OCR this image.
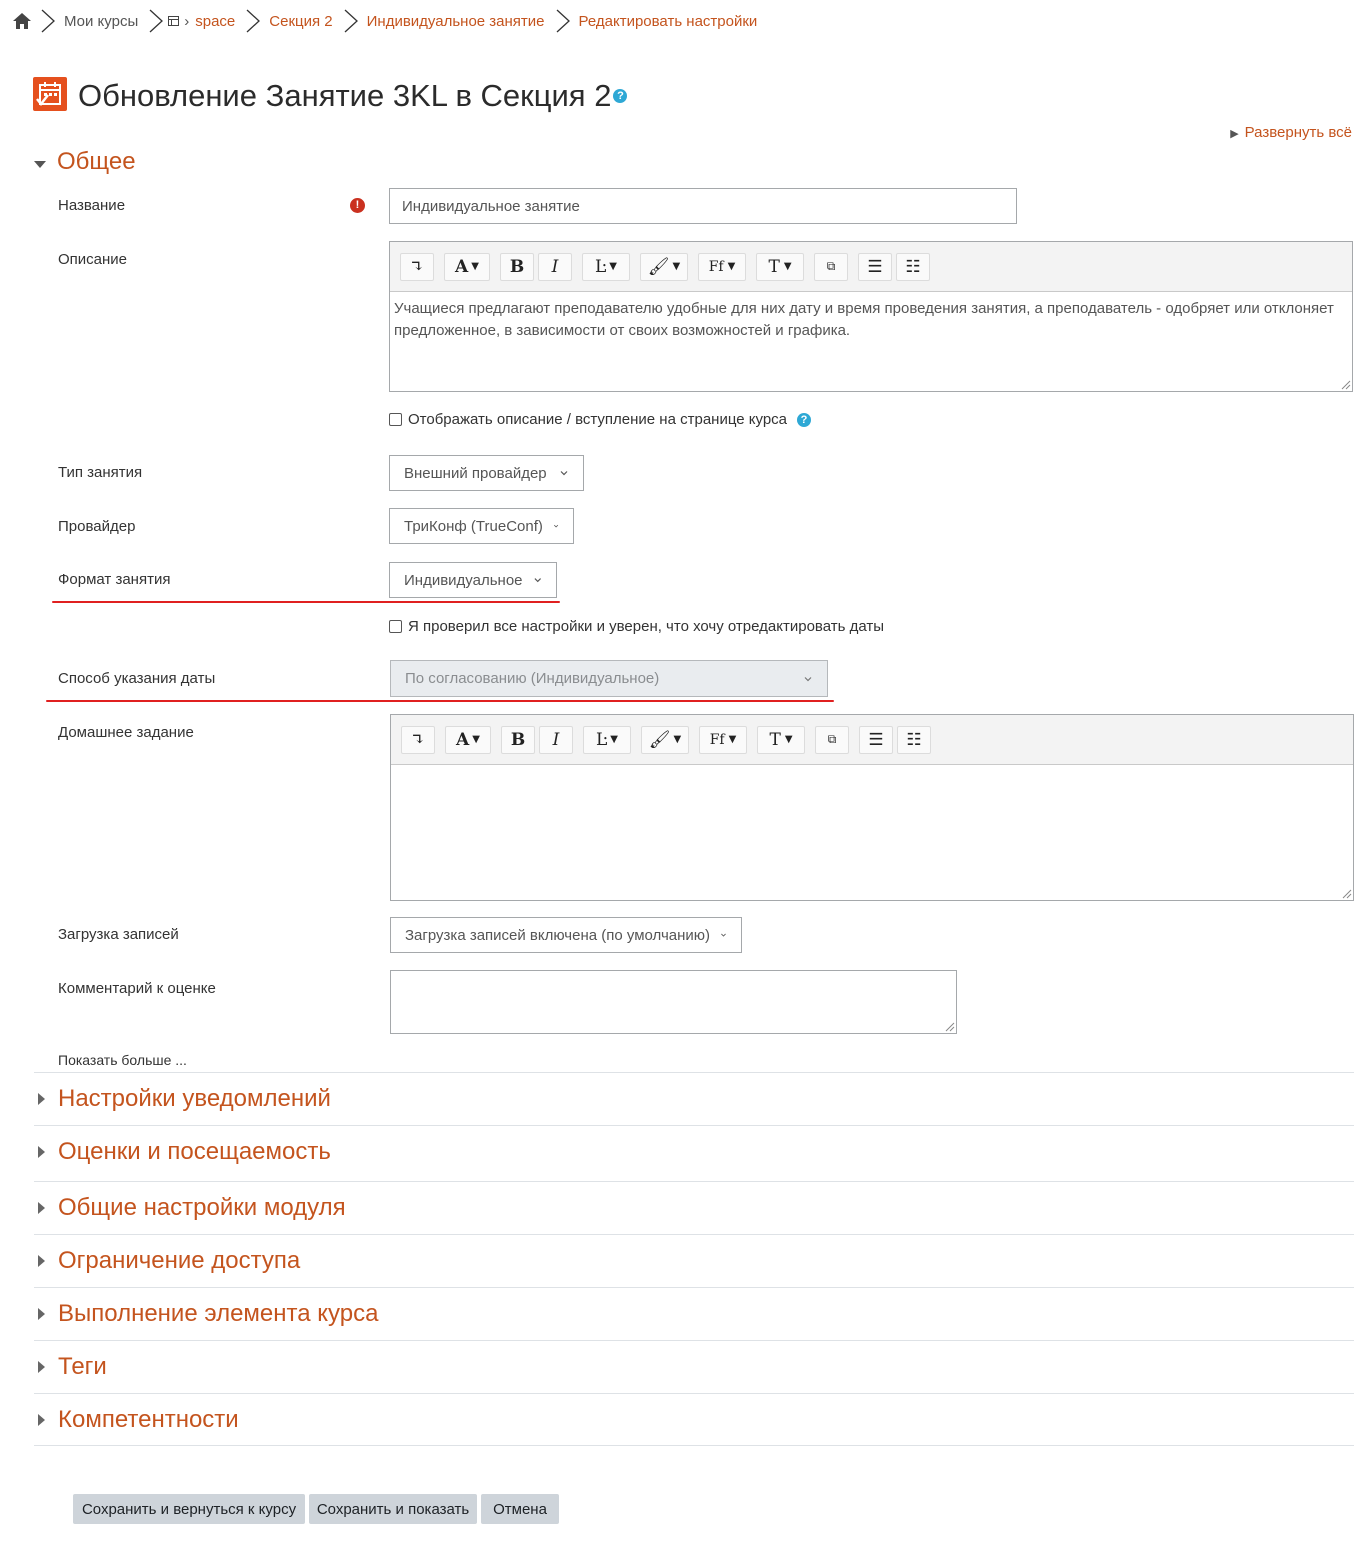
Мои курсы	› space Секция 2 Индивидуальное занятие Редактировать настройки
Обновление Занятие 3KL в Секция 2 ?
▶ Развернуть всё
Общее
Название	!	Индивидуальное занятие
Описание	↴ A ▼	B	I	Ŀ ▼ 🖌 ▼ Ff ▼ T ▼	⧉ ☰ ☷
Учащиеся предлагают преподавателю удобные для них дату и время проведения занятия, а преподаватель - одобряет или отклоняет предложенное, в зависимости от своих возможностей и графика.
Отображать описание / вступление на странице курса	?
Тип занятия	Внешний провайдер
Провайдер	ТриКонф (TrueConf)
Формат занятия	Индивидуальное
Я проверил все настройки и уверен, что хочу отредактировать даты
Способ указания даты	По согласованию (Индивидуальное)
Домашнее задание	↴ A ▼	B	I	Ŀ ▼ 🖌 ▼ Ff ▼ T ▼	⧉ ☰ ☷
Загрузка записей	Загрузка записей включена (по умолчанию)
Комментарий к оценке
Показать больше ...
Настройки уведомлений
Оценки и посещаемость
Общие настройки модуля
Ограничение доступа
Выполнение элемента курса
Теги
Компетентности
Сохранить и вернуться к курсу	Сохранить и показать	Отмена
